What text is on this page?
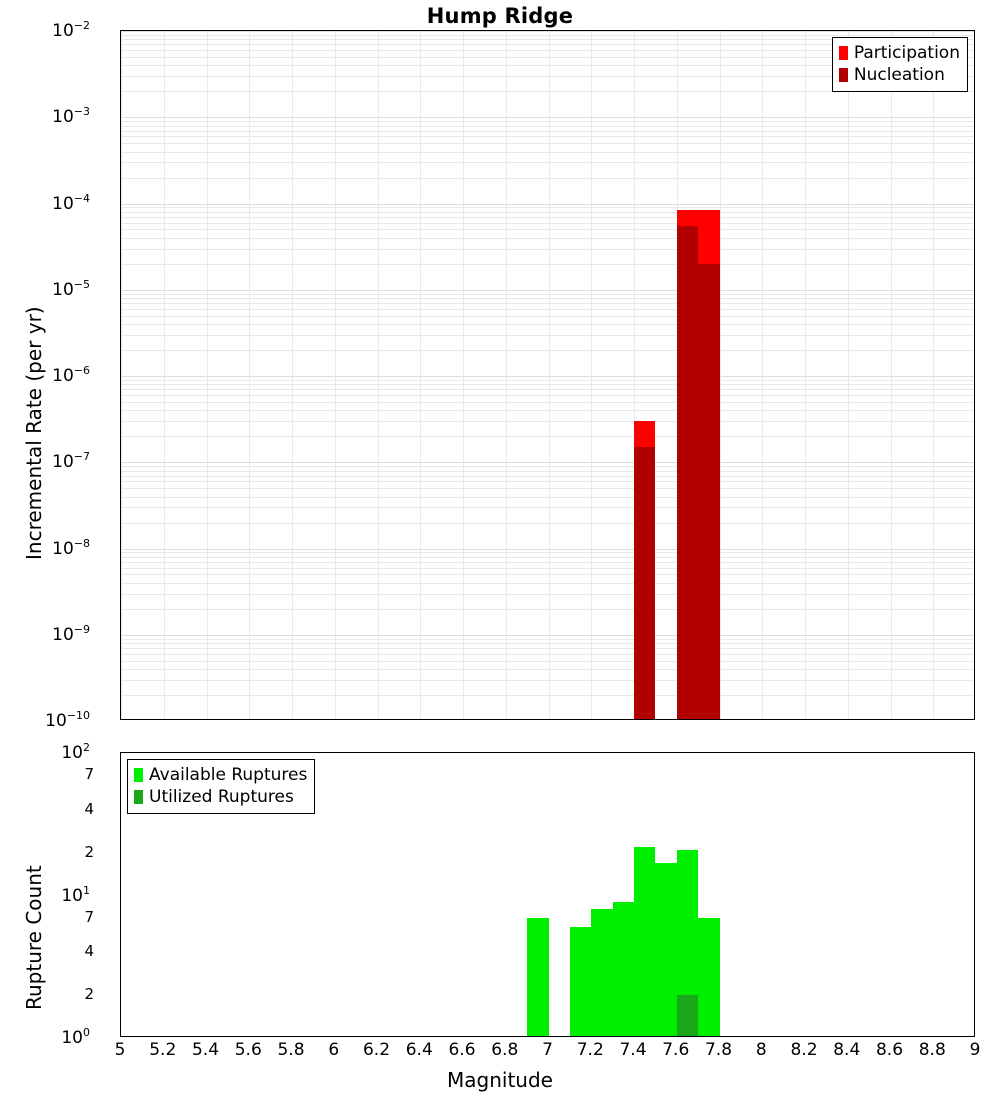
Hump Ridge
Participation
Nucleation
Available Ruptures
Utilized Ruptures
Incremental Rate (per yr)
Rupture Count
Magnitude
$10^{-10}$
$10^{-9}$
$10^{-8}$
$10^{-7}$
$10^{-6}$
$10^{-5}$
$10^{-4}$
$10^{-3}$
$10^{-2}$
$10^0$
$10^1$
$10^2$
2
4
7
2
4
7
5 5.2 5.4 5.6 5.8 6 6.2 6.4 6.6 6.8 7 7.2 7.4 7.6 7.8 8 8.2 8.4 8.6 8.8 9
